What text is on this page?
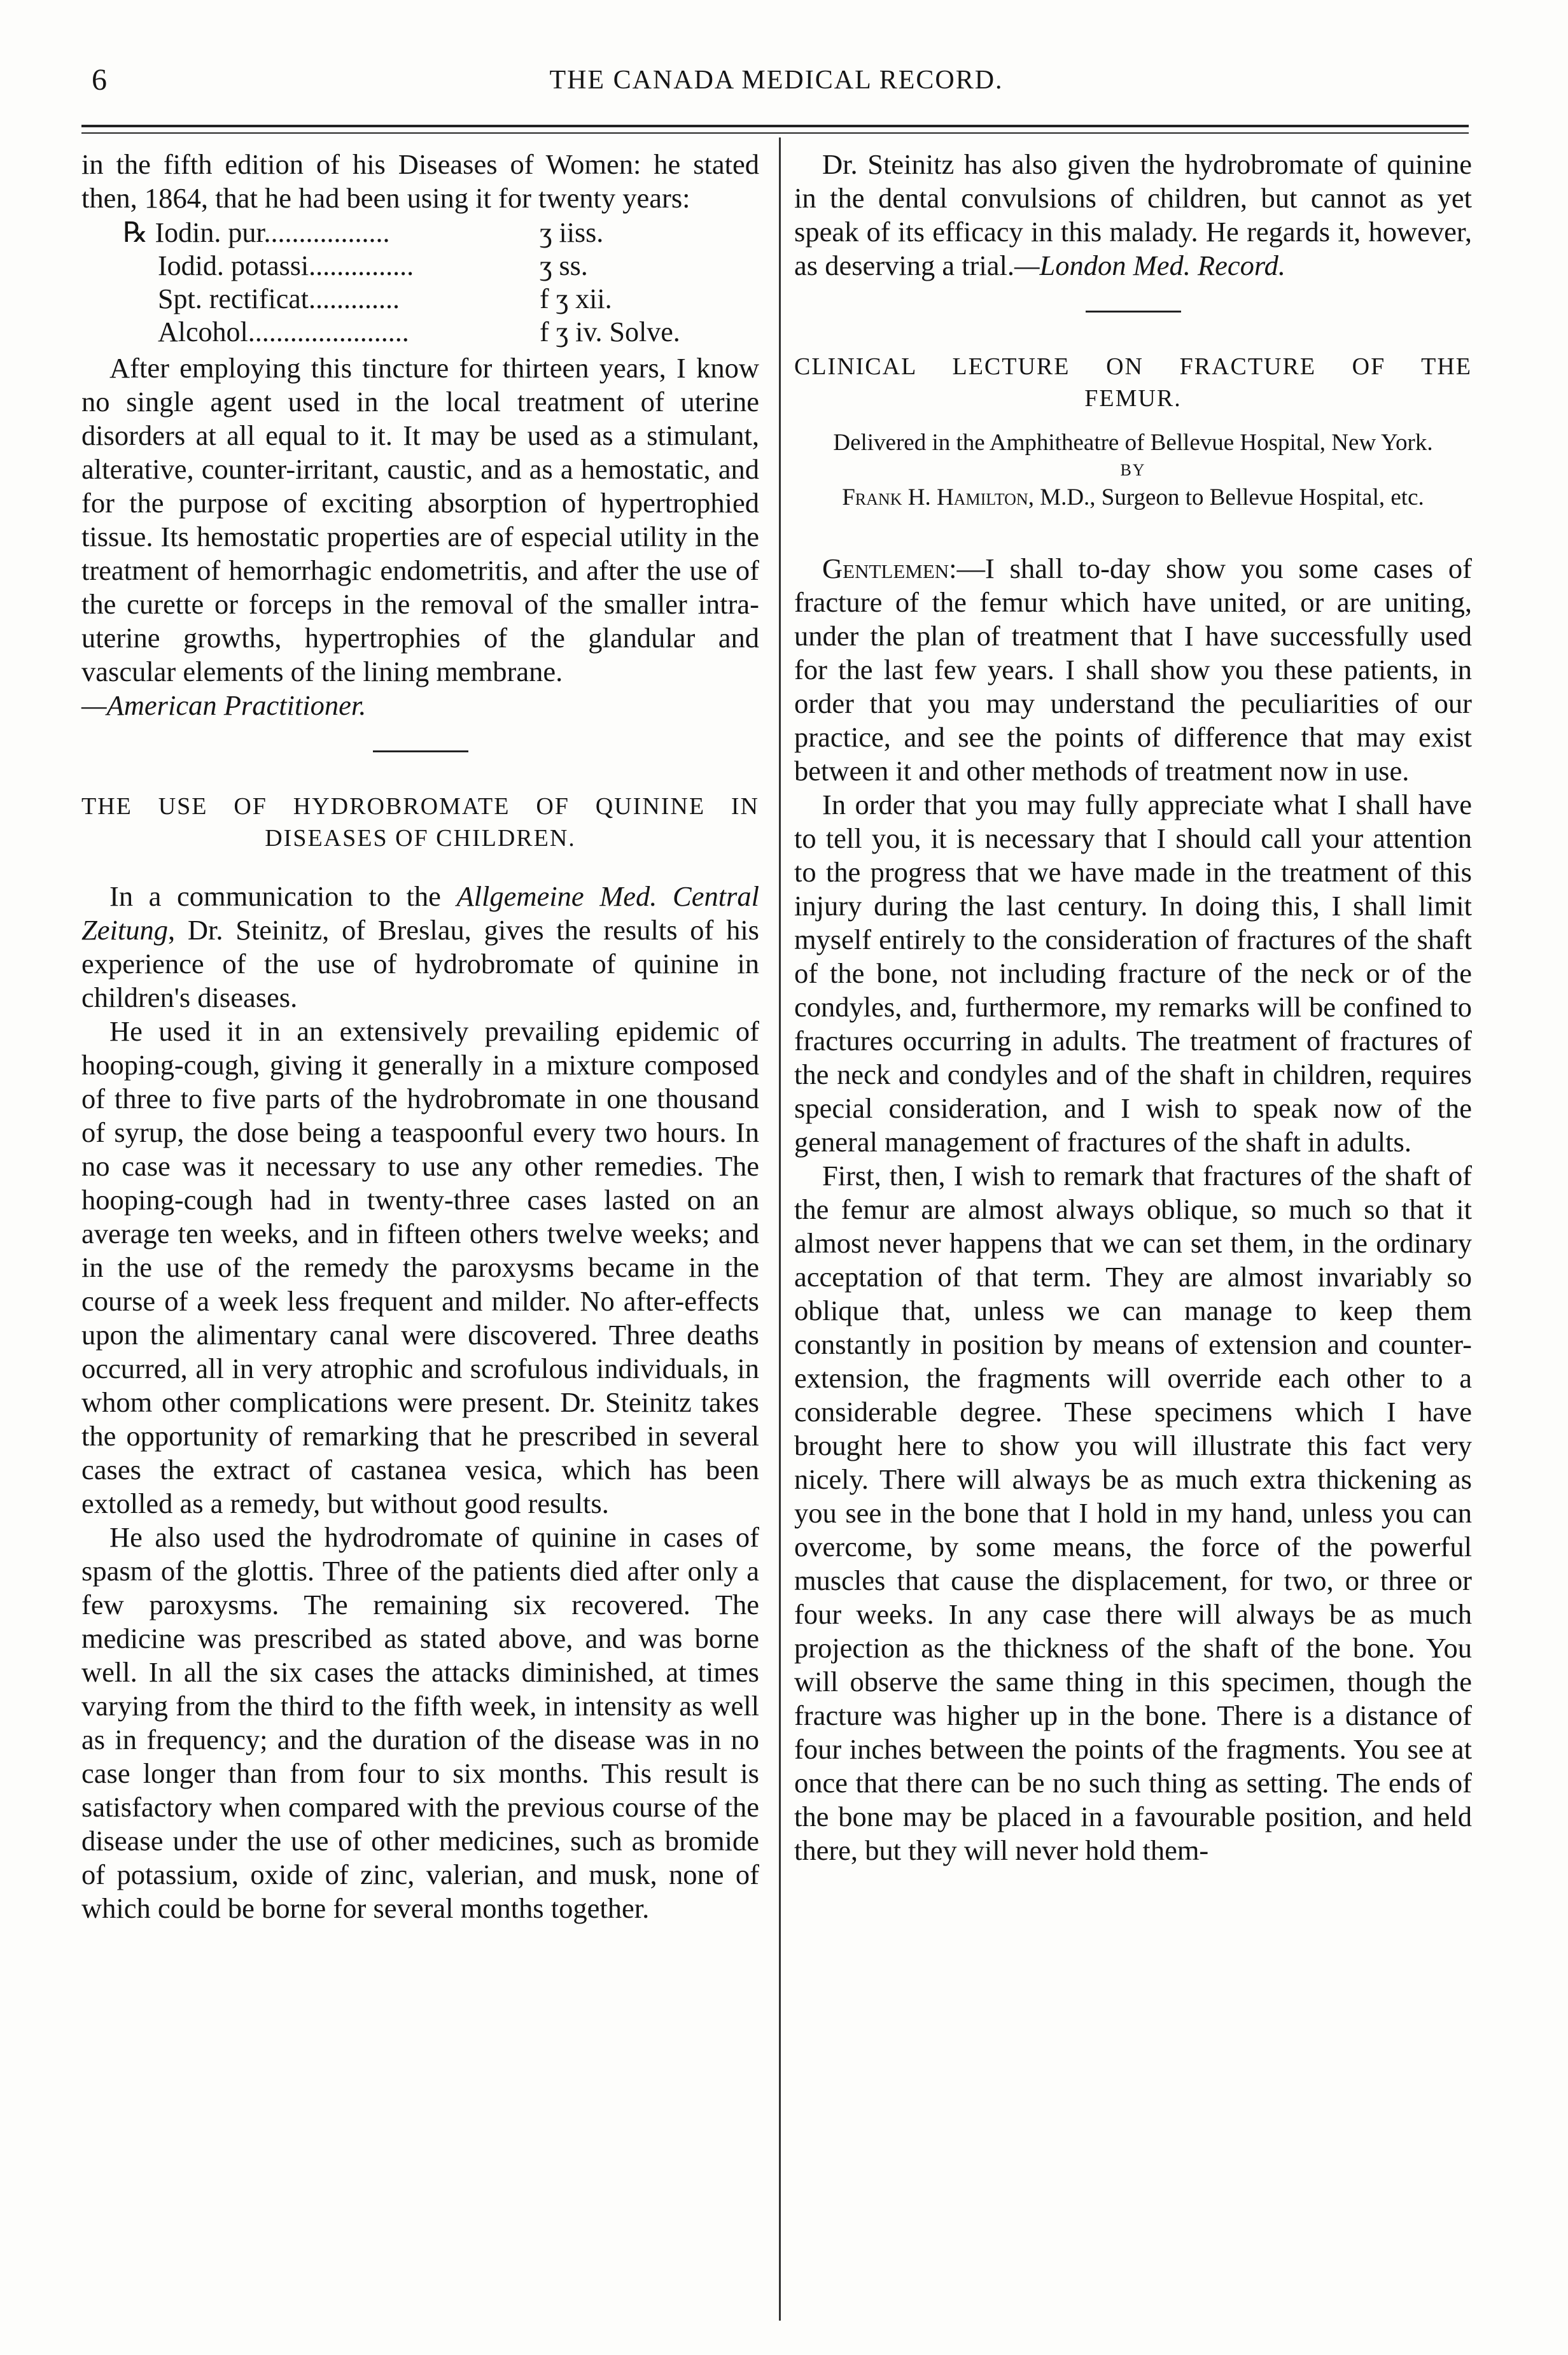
6	THE CANADA MEDICAL RECORD.

in the fifth edition of his Diseases of Women: he stated then, 1864, that he had been using it for twenty years:

℞ Iodin. pur..................	ʒ iiss.
Iodid. potassi...............	ʒ ss.
Spt. rectificat.............	f ʒ xii.
Alcohol.......................	f ʒ iv. Solve.

After employing this tincture for thirteen years, I know no single agent used in the local treatment of uterine disorders at all equal to it. It may be used as a stimulant, alterative, counter-irritant, caustic, and as a hemostatic, and for the purpose of exciting absorption of hypertrophied tissue. Its hemostatic properties are of especial utility in the treatment of hemorrhagic endometritis, and after the use of the curette or forceps in the removal of the smaller intra-uterine growths, hypertrophies of the glandular and vascular elements of the lining membrane.

—American Practitioner.

THE USE OF HYDROBROMATE OF QUININE IN
DISEASES OF CHILDREN.

In a communication to the Allgemeine Med. Central Zeitung, Dr. Steinitz, of Breslau, gives the results of his experience of the use of hydrobromate of quinine in children's diseases.

He used it in an extensively prevailing epidemic of hooping-cough, giving it generally in a mixture composed of three to five parts of the hydrobromate in one thousand of syrup, the dose being a teaspoonful every two hours. In no case was it necessary to use any other remedies. The hooping-cough had in twenty-three cases lasted on an average ten weeks, and in fifteen others twelve weeks; and in the use of the remedy the paroxysms became in the course of a week less frequent and milder. No after-effects upon the alimentary canal were discovered. Three deaths occurred, all in very atrophic and scrofulous individuals, in whom other complications were present. Dr. Steinitz takes the opportunity of remarking that he prescribed in several cases the extract of castanea vesica, which has been extolled as a remedy, but without good results.

He also used the hydrodromate of quinine in cases of spasm of the glottis. Three of the patients died after only a few paroxysms. The remaining six recovered. The medicine was prescribed as stated above, and was borne well. In all the six cases the attacks diminished, at times varying from the third to the fifth week, in intensity as well as in frequency; and the duration of the disease was in no case longer than from four to six months. This result is satisfactory when compared with the previous course of the disease under the use of other medicines, such as bromide of potassium, oxide of zinc, valerian, and musk, none of which could be borne for several months together.

Dr. Steinitz has also given the hydrobromate of quinine in the dental convulsions of children, but cannot as yet speak of its efficacy in this malady. He regards it, however, as deserving a trial.—London Med. Record.

CLINICAL LECTURE ON FRACTURE OF THE
FEMUR.
Delivered in the Amphitheatre of Bellevue Hospital, New York.
BY
Frank H. Hamilton, M.D., Surgeon to Bellevue Hospital, etc.

Gentlemen:—I shall to-day show you some cases of fracture of the femur which have united, or are uniting, under the plan of treatment that I have successfully used for the last few years. I shall show you these patients, in order that you may understand the peculiarities of our practice, and see the points of difference that may exist between it and other methods of treatment now in use.

In order that you may fully appreciate what I shall have to tell you, it is necessary that I should call your attention to the progress that we have made in the treatment of this injury during the last century. In doing this, I shall limit myself entirely to the consideration of fractures of the shaft of the bone, not including fracture of the neck or of the condyles, and, furthermore, my remarks will be confined to fractures occurring in adults. The treatment of fractures of the neck and condyles and of the shaft in children, requires special consideration, and I wish to speak now of the general management of fractures of the shaft in adults.

First, then, I wish to remark that fractures of the shaft of the femur are almost always oblique, so much so that it almost never happens that we can set them, in the ordinary acceptation of that term. They are almost invariably so oblique that, unless we can manage to keep them constantly in position by means of extension and counter-extension, the fragments will override each other to a considerable degree. These specimens which I have brought here to show you will illustrate this fact very nicely. There will always be as much extra thickening as you see in the bone that I hold in my hand, unless you can overcome, by some means, the force of the powerful muscles that cause the displacement, for two, or three or four weeks. In any case there will always be as much projection as the thickness of the shaft of the bone. You will observe the same thing in this specimen, though the fracture was higher up in the bone. There is a distance of four inches between the points of the fragments. You see at once that there can be no such thing as setting. The ends of the bone may be placed in a favourable position, and held there, but they will never hold them-
